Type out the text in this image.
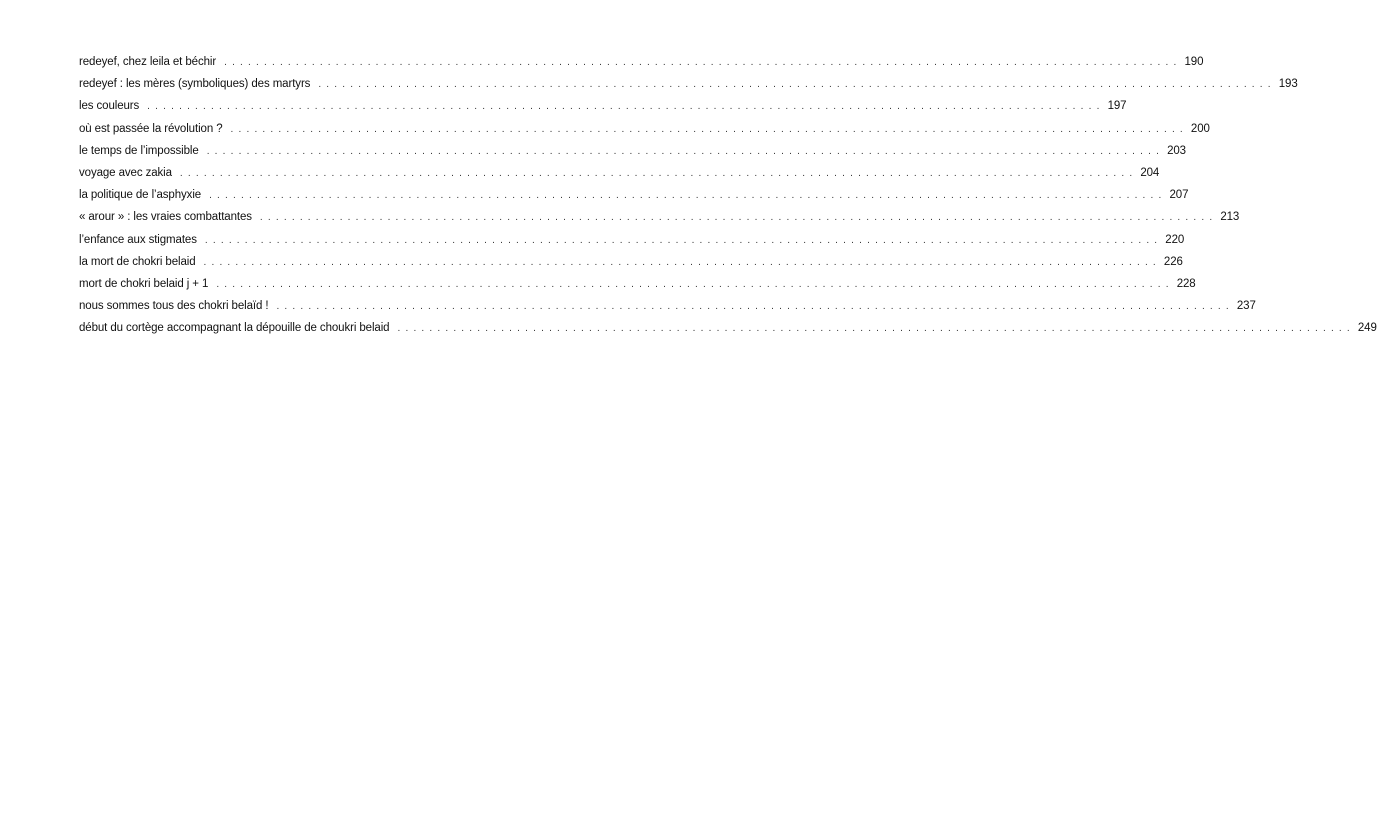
redeyef, chez leila et béchir ........................................................................................................................ 190
redeyef : les mères (symboliques) des martyrs ........................................................................................................................ 193
les couleurs ........................................................................................................................ 197
où est passée la révolution ? ........................................................................................................................ 200
le temps de l’impossible ........................................................................................................................ 203
voyage avec zakia ........................................................................................................................ 204
la politique de l’asphyxie ........................................................................................................................ 207
« arour » : les vraies combattantes ........................................................................................................................ 213
l’enfance aux stigmates ........................................................................................................................ 220
la mort de chokri belaid ........................................................................................................................ 226
mort de chokri belaid j + 1 ........................................................................................................................ 228
nous sommes tous des chokri belaïd ! ........................................................................................................................ 237
début du cortège accompagnant la dépouille de choukri belaid ........................................................................................................................ 249
